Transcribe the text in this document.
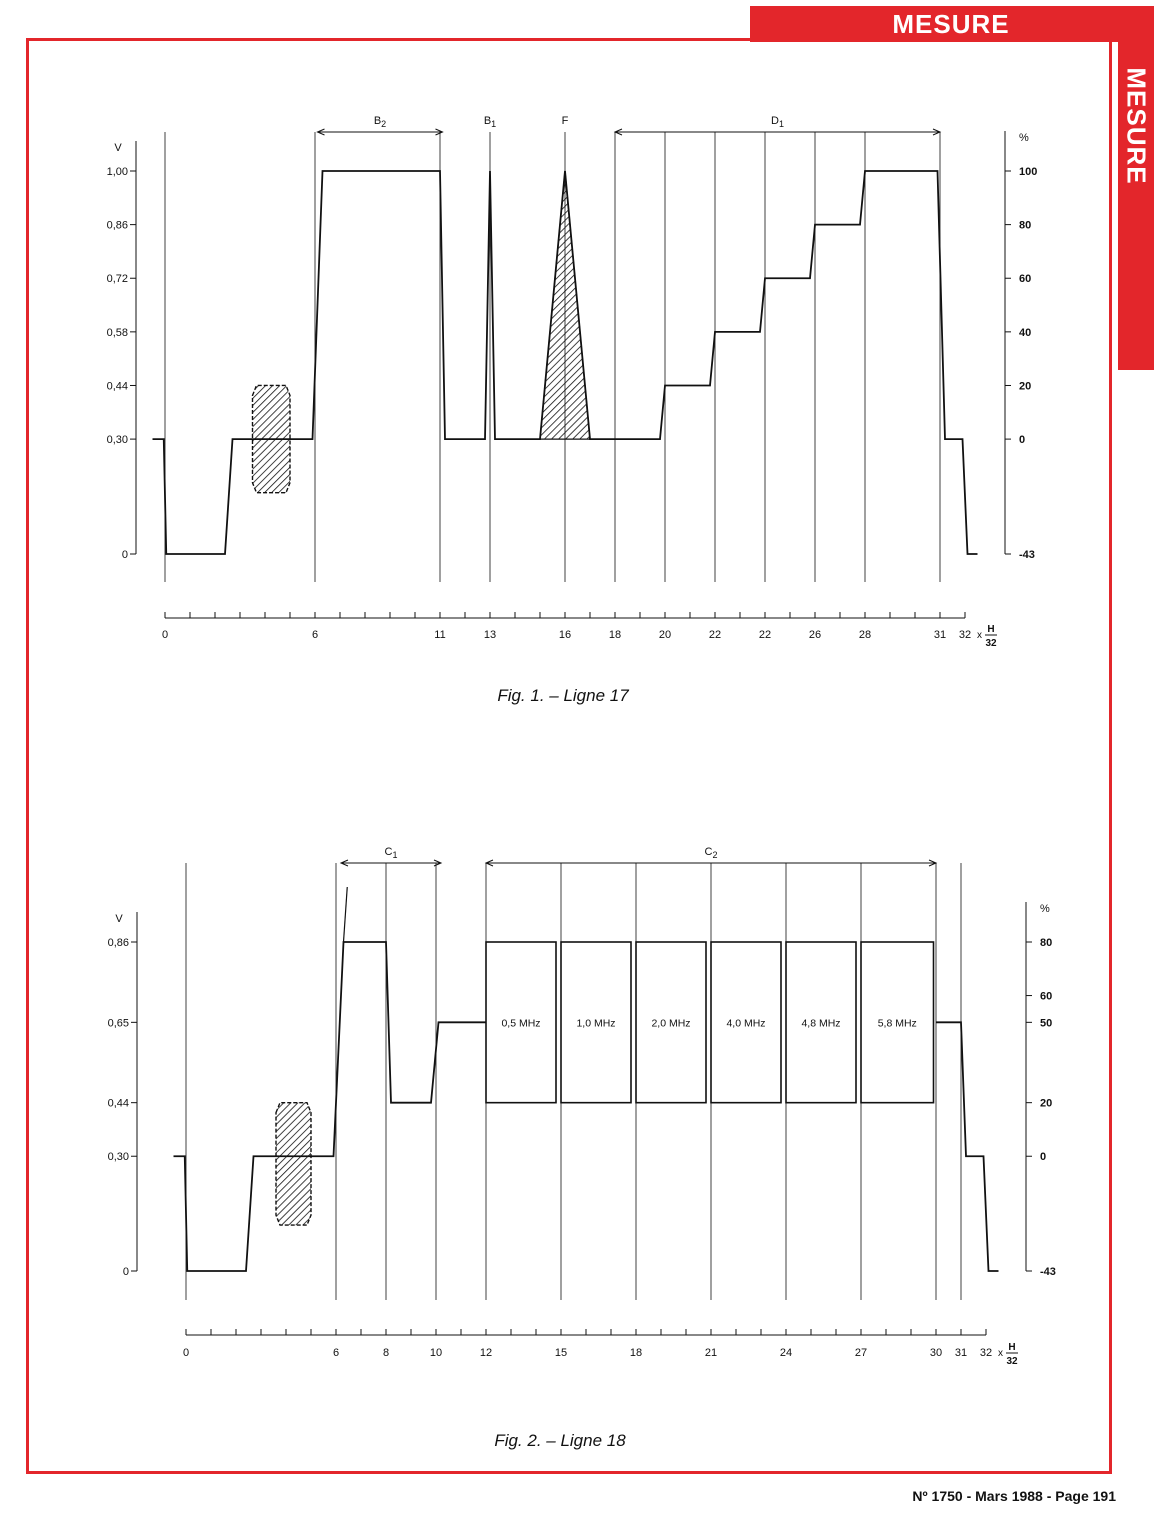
MESURE
MESURE
V
1,00
0,86
0,72
0,58
0,44
0,30
0
%
100
80
60
40
20
0
-43
$B_2$	$B_1$	F	$D_1$
0	6	11	13	16	18	20	22	22	26	28	31 32 x
H
32
V
0,86
0,65
0,44
0,30
0
%
80
60
50
20
0
-43
$C_1$	$C_2$
0,5 MHz	1,0 MHz	2,0 MHz	4,0 MHz	4,8 MHz	5,8 MHz
0	6	8	10	12	15	18	21	24	27	30 31 32 x
H
32
Fig. 1. – Ligne 17
Fig. 2. – Ligne 18
Nº 1750 - Mars 1988 - Page 191
